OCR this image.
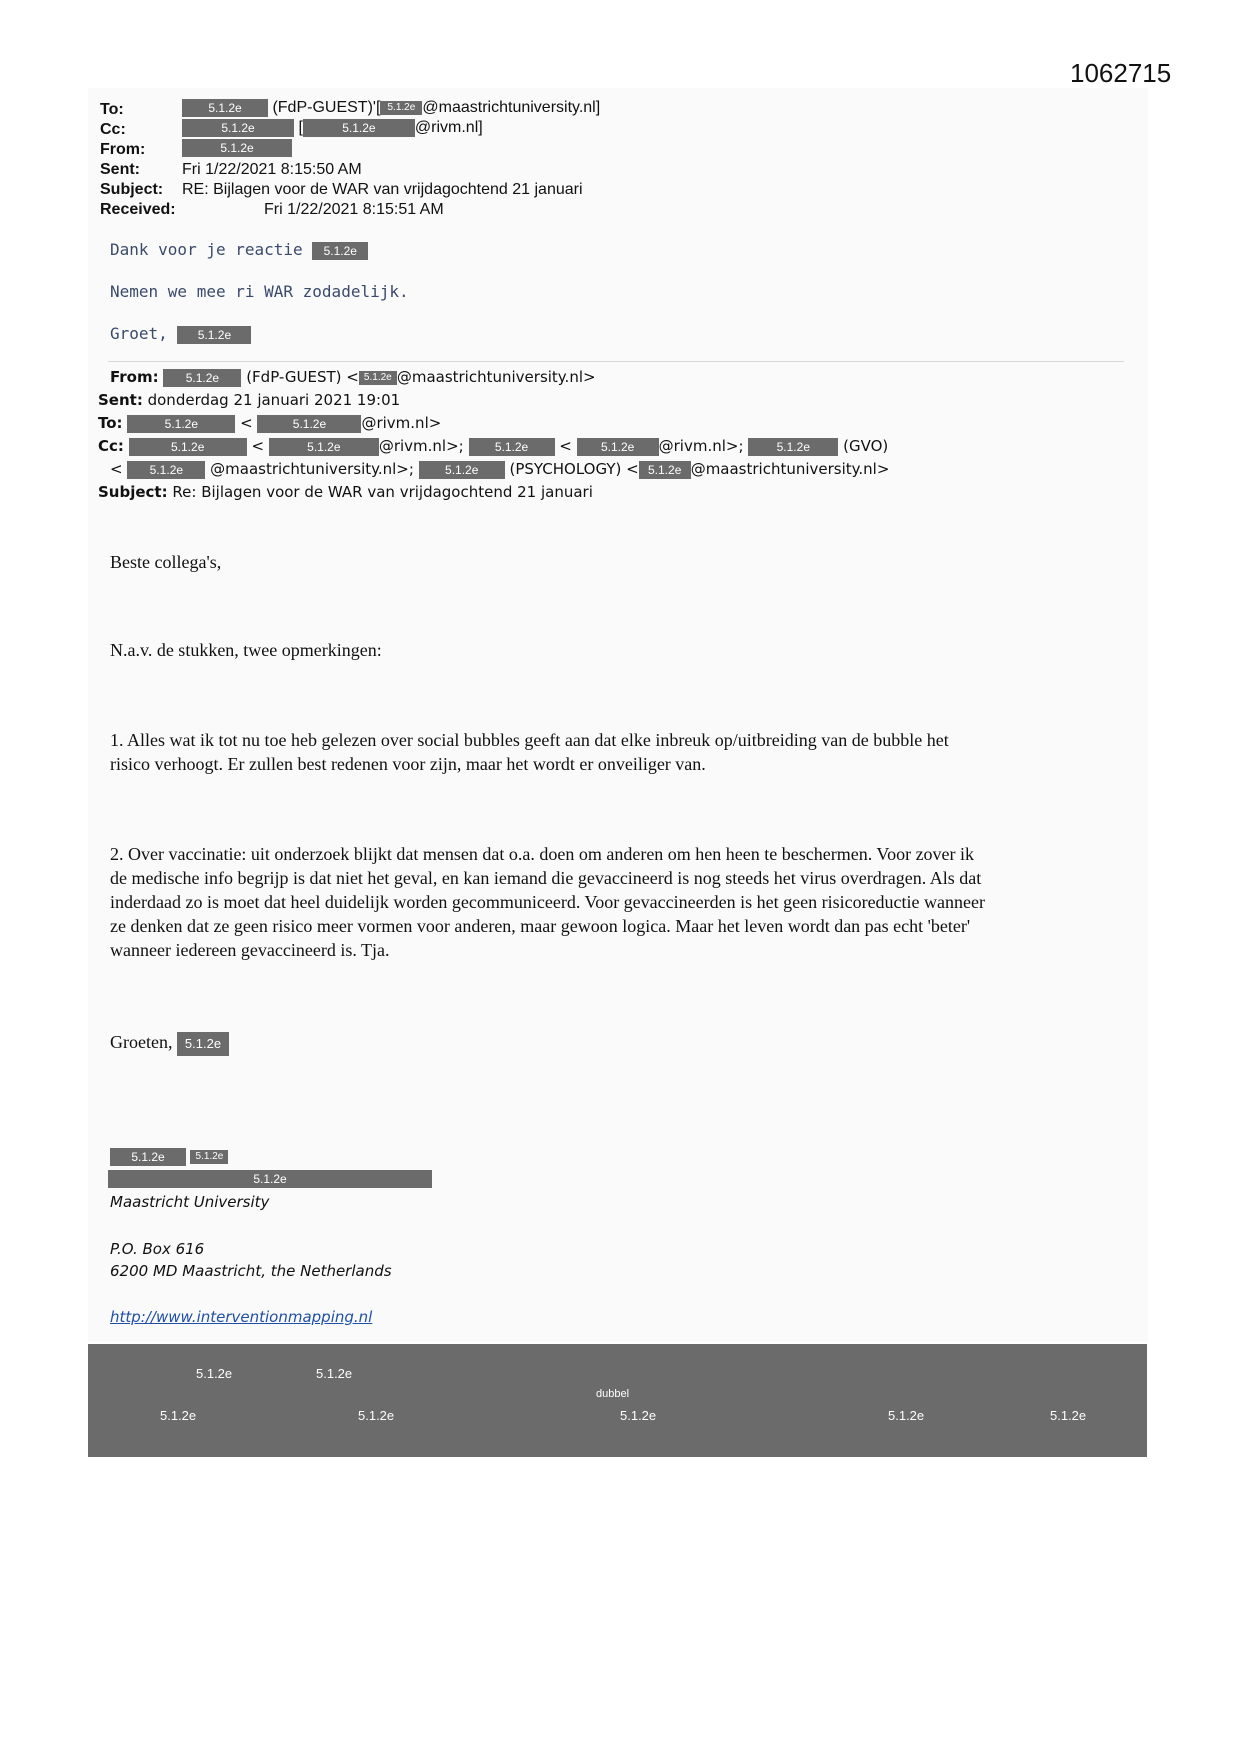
1062715
To:	5.1.2e (FdP-GUEST)'[ 5.1.2e @maastrichtuniversity.nl]
Cc:	5.1.2e	[	5.1.2e @rivm.nl]
From:	5.1.2e
Sent:	Fri 1/22/2021 8:15:50 AM
Subject: RE: Bijlagen voor de WAR van vrijdagochtend 21 januari
Received:	Fri 1/22/2021 8:15:51 AM
Dank voor je reactie 5.1.2e
Nemen we mee ri WAR zodadelijk.
Groet, 5.1.2e
From: 5.1.2e (FdP-GUEST) < 5.1.2e @maastrichtuniversity.nl>
Sent: donderdag 21 januari 2021 19:01
To:	5.1.2e	<	5.1.2e @rivm.nl>
Cc:	5.1.2e	<	5.1.2e	@rivm.nl>;	5.1.2e < 5.1.2e @rivm.nl>;	5.1.2e (GVO)
< 5.1.2e @maastrichtuniversity.nl>;	5.1.2e (PSYCHOLOGY) < 5.1.2e @maastrichtuniversity.nl>
Subject: Re: Bijlagen voor de WAR van vrijdagochtend 21 januari
Beste collega's,
N.a.v. de stukken, twee opmerkingen:
1. Alles wat ik tot nu toe heb gelezen over social bubbles geeft aan dat elke inbreuk op/uitbreiding van de bubble het
risico verhoogt. Er zullen best redenen voor zijn, maar het wordt er onveiliger van.
2. Over vaccinatie: uit onderzoek blijkt dat mensen dat o.a. doen om anderen om hen heen te beschermen. Voor zover ik
de medische info begrijp is dat niet het geval, en kan iemand die gevaccineerd is nog steeds het virus overdragen. Als dat
inderdaad zo is moet dat heel duidelijk worden gecommuniceerd. Voor gevaccineerden is het geen risicoreductie wanneer
ze denken dat ze geen risico meer vormen voor anderen, maar gewoon logica. Maar het leven wordt dan pas echt 'beter'
wanneer iedereen gevaccineerd is. Tja.
Groeten, 5.1.2e
5.1.2e	5.1.2e
5.1.2e
Maastricht University
P.O. Box 616
6200 MD Maastricht, the Netherlands
http://www.interventionmapping.nl
5.1.2e	5.1.2e
dubbel
5.1.2e	5.1.2e	5.1.2e	5.1.2e	5.1.2e
